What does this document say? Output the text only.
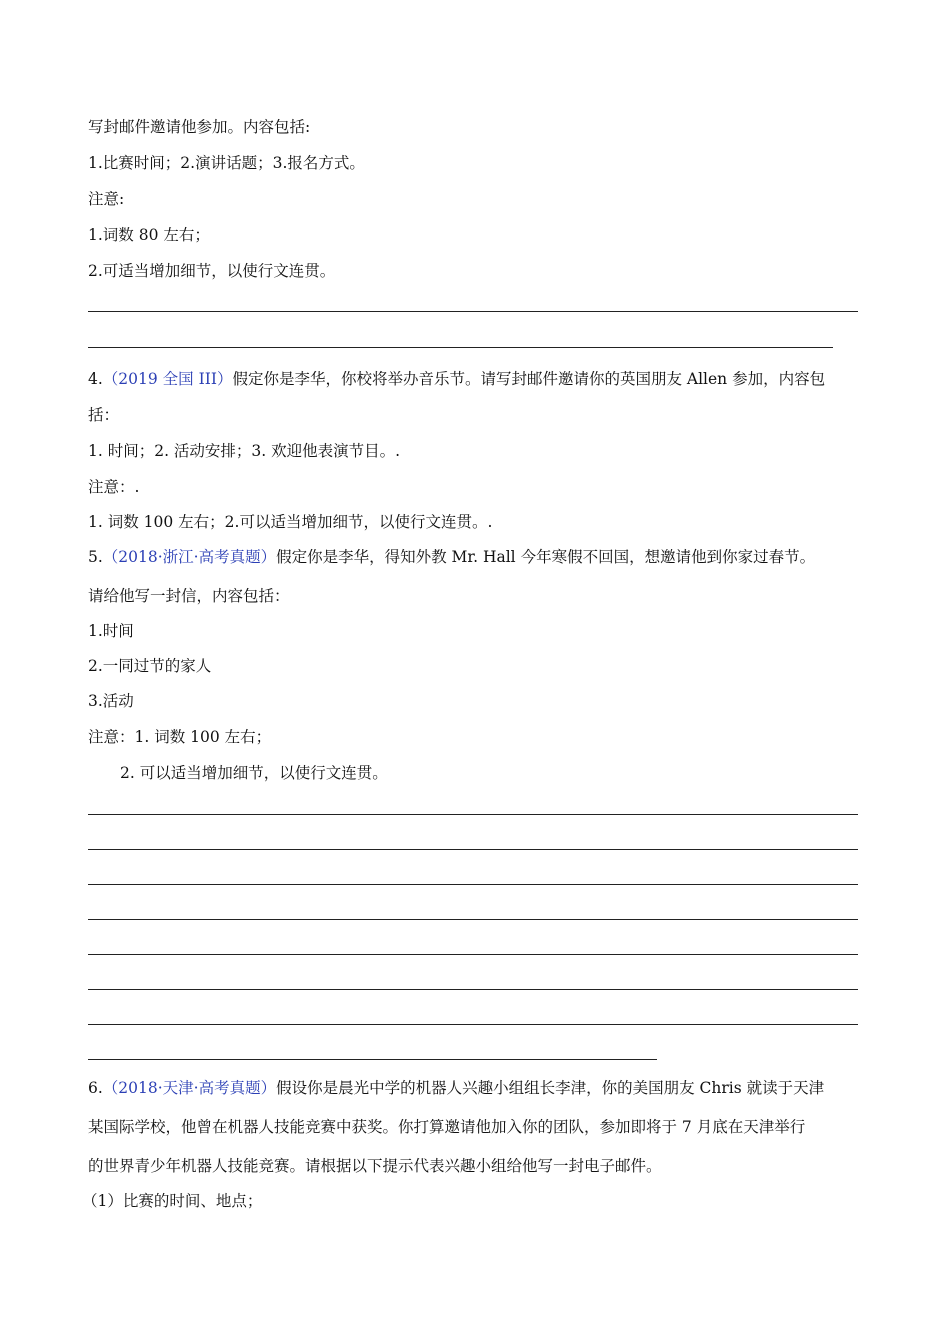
写封邮件邀请他参加。内容包括:
1.比赛时间；2.演讲话题；3.报名方式。
注意:
1.词数 80 左右；
2.可适当增加细节，以使行文连贯。
4.（2019 全国 III）假定你是李华，你校将举办音乐节。请写封邮件邀请你的英国朋友 Allen 参加，内容包
括：
1. 时间；2. 活动安排；3. 欢迎他表演节目。.
注意：.
1. 词数 100 左右；2.可以适当增加细节，以使行文连贯。.
5.（2018·浙江·高考真题）假定你是李华，得知外教 Mr. Hall 今年寒假不回国，想邀请他到你家过春节。
请给他写一封信，内容包括：
1.时间
2.一同过节的家人
3.活动
注意：1. 词数 100 左右；
2. 可以适当增加细节，以使行文连贯。
6.（2018·天津·高考真题）假设你是晨光中学的机器人兴趣小组组长李津，你的美国朋友 Chris 就读于天津
某国际学校，他曾在机器人技能竞赛中获奖。你打算邀请他加入你的团队，参加即将于 7 月底在天津举行
的世界青少年机器人技能竞赛。请根据以下提示代表兴趣小组给他写一封电子邮件。
（1）比赛的时间、地点；
